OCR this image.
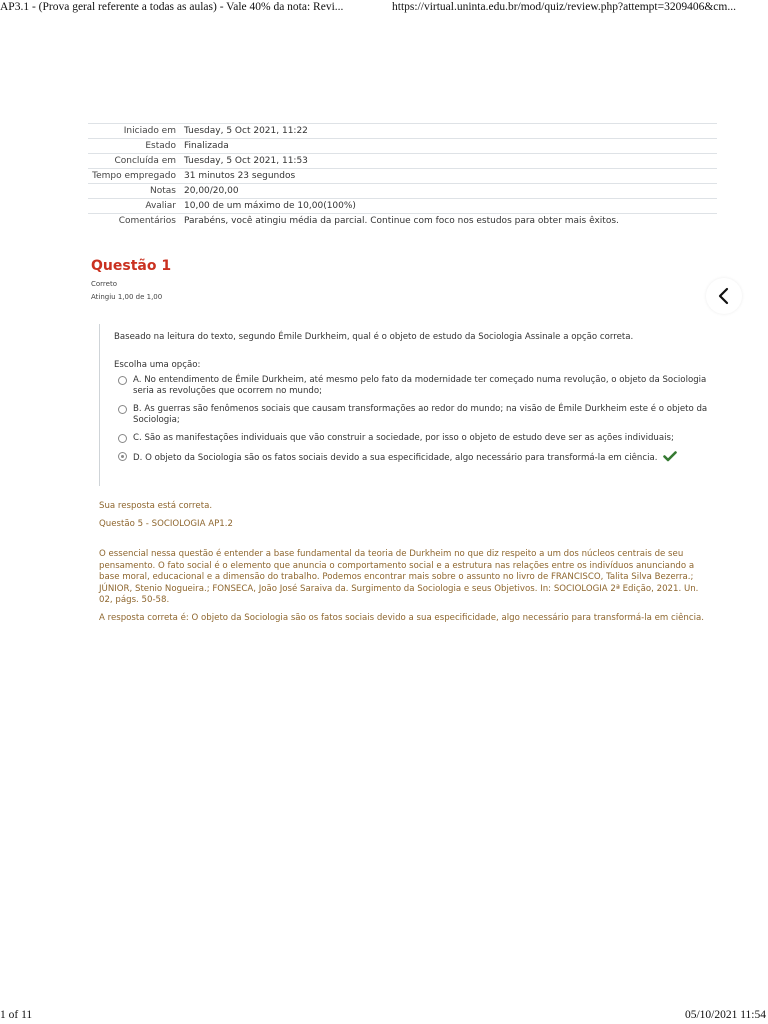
AP3.1 - (Prova geral referente a todas as aulas) - Vale 40% da nota: Revi...	https://virtual.uninta.edu.br/mod/quiz/review.php?attempt=3209406&cm...
Iniciado em	Tuesday, 5 Oct 2021, 11:22
Estado	Finalizada
Concluída em	Tuesday, 5 Oct 2021, 11:53
Tempo empregado	31 minutos 23 segundos
Notas	20,00/20,00
Avaliar	10,00 de um máximo de 10,00(100%)
Comentários	Parabéns, você atingiu média da parcial. Continue com foco nos estudos para obter mais êxitos.
Questão 1
Correto
Atingiu 1,00 de 1,00

Baseado na leitura do texto, segundo Émile Durkheim, qual é o objeto de estudo da Sociologia Assinale a opção correta.

Escolha uma opção:

A. No entendimento de Émile Durkheim, até mesmo pelo fato da modernidade ter começado numa revolução, o objeto da Sociologia seria as revoluções que ocorrem no mundo;
B. As guerras são fenômenos sociais que causam transformações ao redor do mundo; na visão de Émile Durkheim este é o objeto da Sociologia;
C. São as manifestações individuais que vão construir a sociedade, por isso o objeto de estudo deve ser as ações individuais;
D. O objeto da Sociologia são os fatos sociais devido a sua especificidade, algo necessário para transformá-la em ciência.

Sua resposta está correta.

Questão 5 - SOCIOLOGIA AP1.2

O essencial nessa questão é entender a base fundamental da teoria de Durkheim no que diz respeito a um dos núcleos centrais de seu pensamento. O fato social é o elemento que anuncia o comportamento social e a estrutura nas relações entre os indivíduos anunciando a base moral, educacional e a dimensão do trabalho. Podemos encontrar mais sobre o assunto no livro de FRANCISCO, Talita Silva Bezerra.; JÚNIOR, Stenio Nogueira.; FONSECA, João José Saraiva da. Surgimento da Sociologia e seus Objetivos. In: SOCIOLOGIA 2ª Edição, 2021. Un. 02, págs. 50-58.

A resposta correta é: O objeto da Sociologia são os fatos sociais devido a sua especificidade, algo necessário para transformá-la em ciência.

1 of 11	05/10/2021 11:54
